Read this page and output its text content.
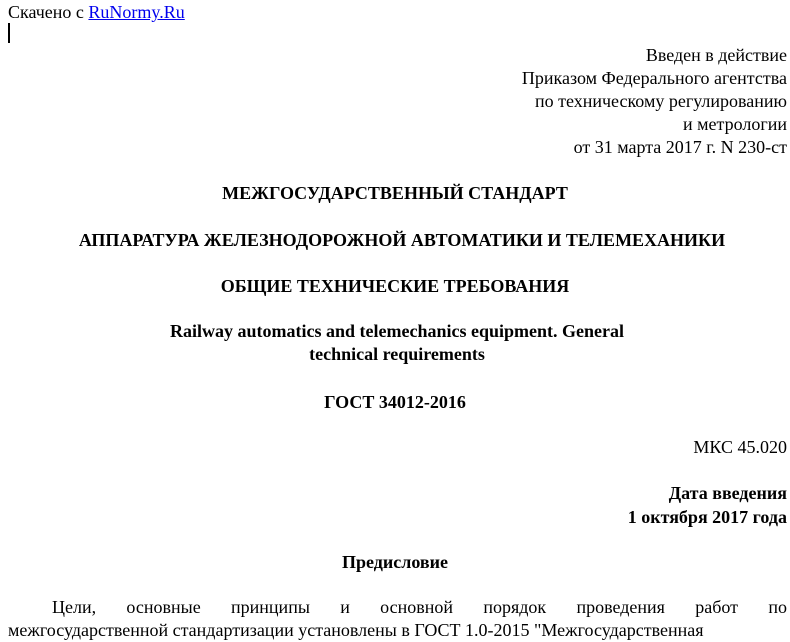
Скачено с RuNormy.Ru
Введен в действие
Приказом Федерального агентства
по техническому регулированию
и метрологии
от 31 марта 2017 г. N 230-ст
МЕЖГОСУДАРСТВЕННЫЙ СТАНДАРТ
АППАРАТУРА ЖЕЛЕЗНОДОРОЖНОЙ АВТОМАТИКИ И ТЕЛЕМЕХАНИКИ
ОБЩИЕ ТЕХНИЧЕСКИЕ ТРЕБОВАНИЯ
Railway automatics and telemechanics equipment. General
technical requirements
ГОСТ 34012-2016
МКС 45.020
Дата введения
1 октября 2017 года
Предисловие
Цели, основные принципы и основной порядок проведения работ по
межгосударственной стандартизации установлены в ГОСТ 1.0-2015 "Межгосударственная
